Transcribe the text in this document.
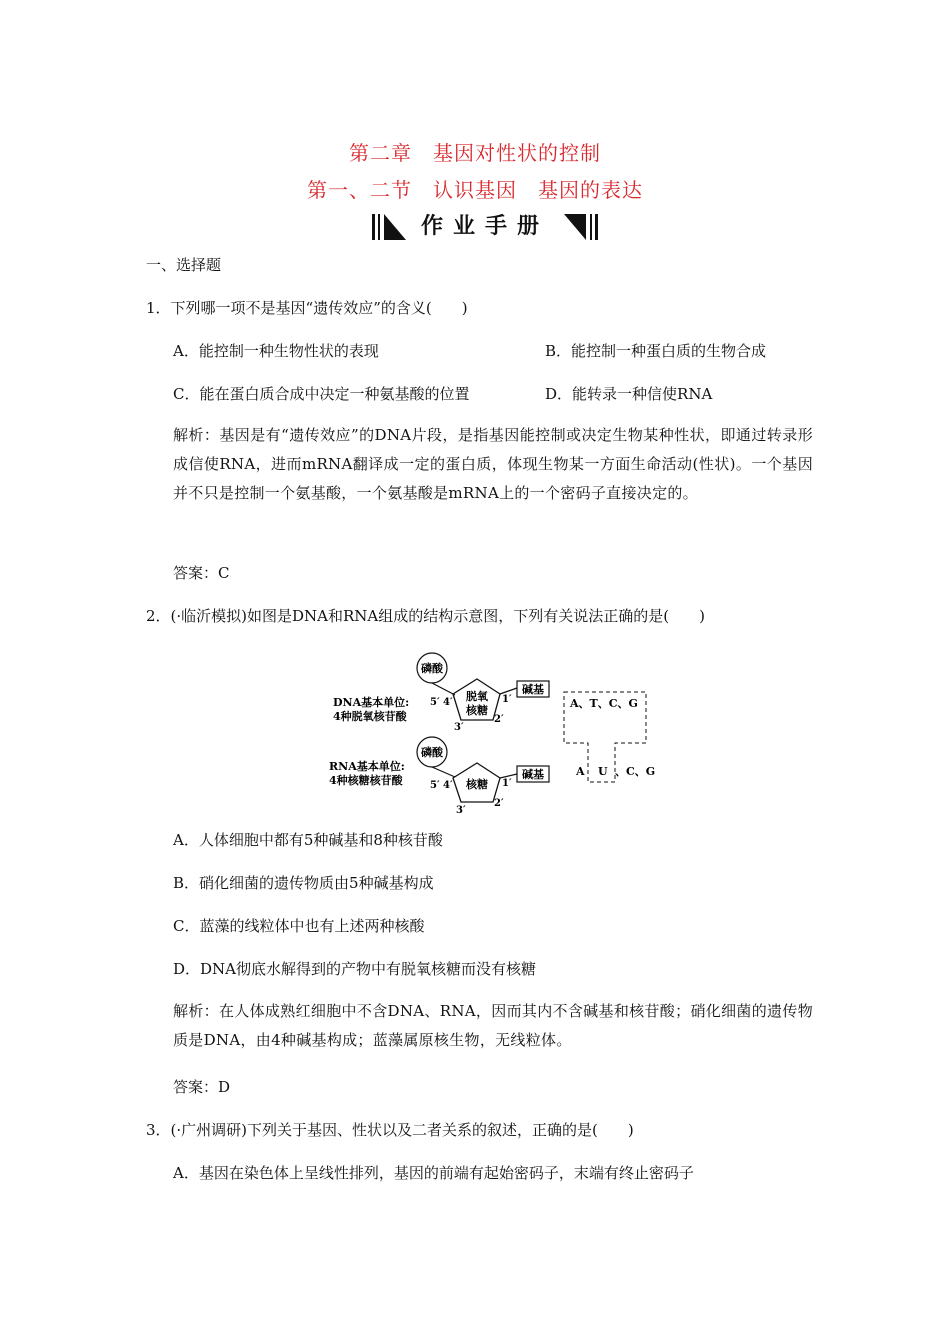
第二章　基因对性状的控制
第一、二节　认识基因　基因的表达
作业手册
一、选择题
1．下列哪一项不是基因“遗传效应”的含义(　　)
A．能控制一种生物性状的表现	B．能控制一种蛋白质的生物合成
C．能在蛋白质合成中决定一种氨基酸的位置	D．能转录一种信使RNA
解析：基因是有“遗传效应”的DNA片段，是指基因能控制或决定生物某种性状，即通过转录形成信使RNA，进而mRNA翻译成一定的蛋白质，体现生物某一方面生命活动(性状)。一个基因并不只是控制一个氨基酸，一个氨基酸是mRNA上的一个密码子直接决定的。
答案：C
2．(·临沂模拟)如图是DNA和RNA组成的结构示意图，下列有关说法正确的是(　　)
DNA基本单位:
4种脱氧核苷酸
磷酸
脱氧
核糖
5′ 4′
3′
2′
1′
碱基
RNA基本单位:
4种核糖核苷酸
磷酸
核糖
5′ 4′
3′
2′
1′
碱基
A、T、C、G
A U 、C、G
A．人体细胞中都有5种碱基和8种核苷酸
B．硝化细菌的遗传物质由5种碱基构成
C．蓝藻的线粒体中也有上述两种核酸
D．DNA彻底水解得到的产物中有脱氧核糖而没有核糖
解析：在人体成熟红细胞中不含DNA、RNA，因而其内不含碱基和核苷酸；硝化细菌的遗传物质是DNA，由4种碱基构成；蓝藻属原核生物，无线粒体。
答案：D
3．(·广州调研)下列关于基因、性状以及二者关系的叙述，正确的是(　　)
A．基因在染色体上呈线性排列，基因的前端有起始密码子，末端有终止密码子
